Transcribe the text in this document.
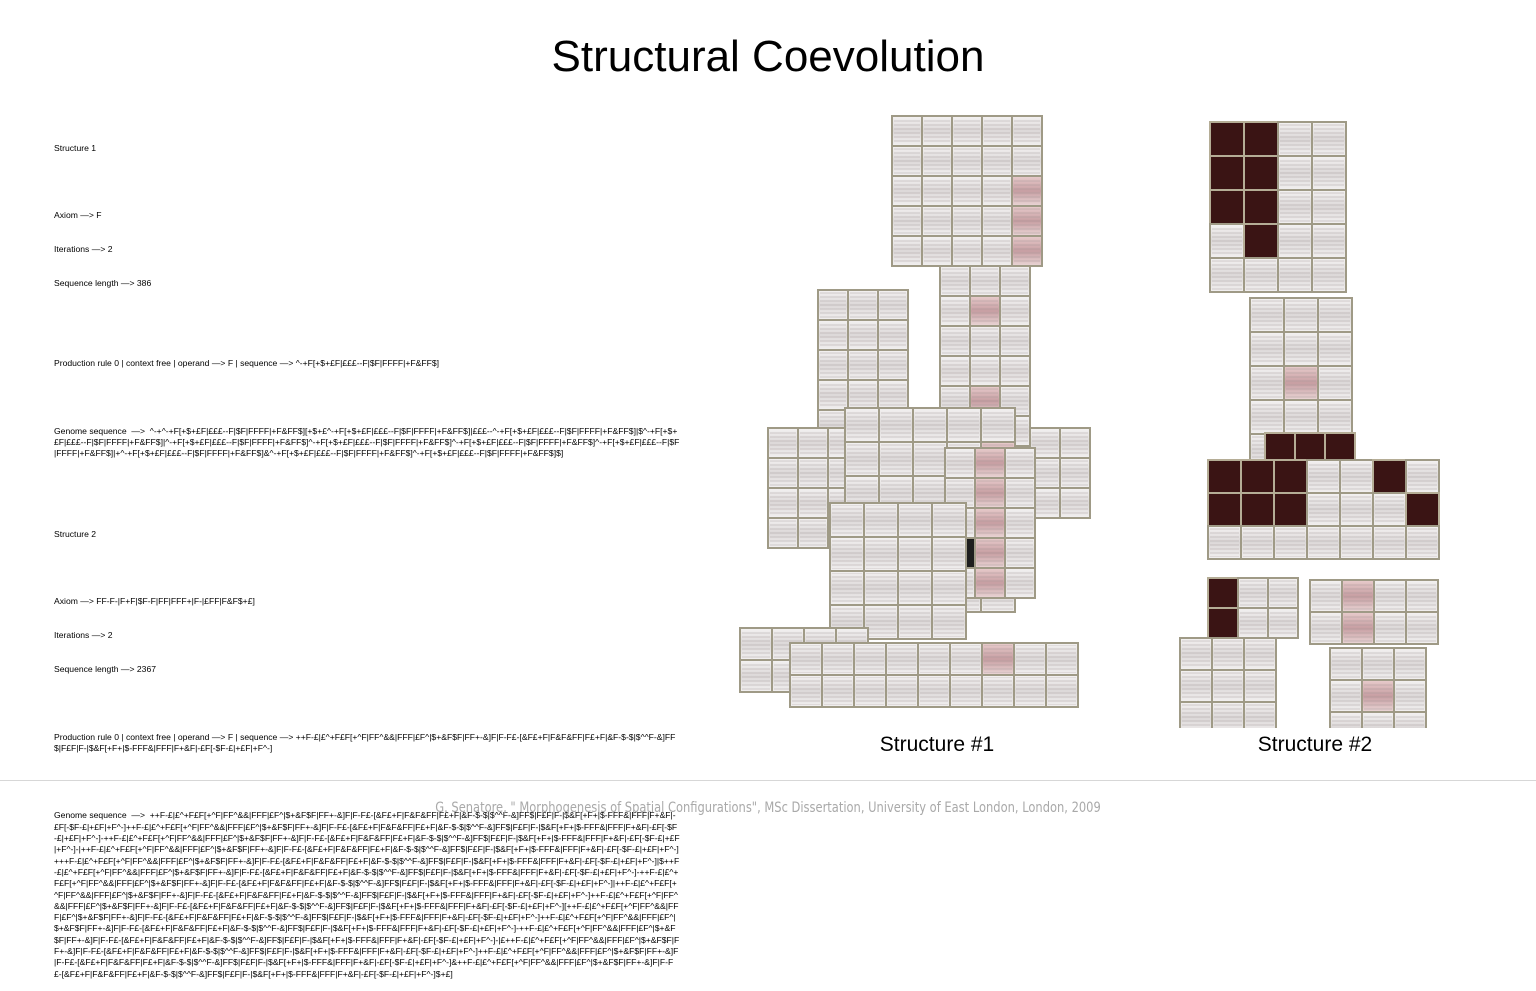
Structural Coevolution

Structure 1

Axiom —> F

Iterations —> 2

Sequence length —> 386

Production rule 0 | context free | operand —> F | sequence —> ^-+F[+$+£F|£££--F|$F|FFFF|+F&FF$]

Genome sequence  —>  ^-+^-+F[+$+£F|£££--F|$F|FFFF|+F&FF$][+$+£^-+F[+$+£F|£££--F|$F|FFFF|+F&FF$]|£££--^-+F[+$+£F|£££--F|$F|FFFF|+F&FF$]|$^-+F[+$+£F|£££--F|$F|FFFF|+F&FF$]|^-+F[+$+£F|£££--F|$F|FFFF|+F&FF$]^-+F[+$+£F|£££--F|$F|FFFF|+F&FF$]^-+F[+$+£F|£££--F|$F|FFFF|+F&FF$]^-+F[+$+£F|£££--F|$F|FFFF|+F&FF$]|+^-+F[+$+£F|£££--F|$F|FFFF|+F&FF$]&^-+F[+$+£F|£££--F|$F|FFFF|+F&FF$]^-+F[+$+£F|£££--F|$F|FFFF|+F&FF$]$]

Structure 2

Axiom —> FF-F-|F+F|$F-F|FF|FFF+|F-|£FF|F&F$+£]

Iterations —> 2

Sequence length —> 2367

Production rule 0 | context free | operand —> F | sequence —> ++F-£|£^+F£F[+^F|FF^&&|FFF|£F^|$+&F$F|FF+-&]F|F-F£-[&F£+F|F&F&FF|F£+F|&F-$-$|$^^F-&]FF$|F£F|F-|$&F[+F+|$-FFF&|FFF|F+&F|-£F[-$F-£|+£F|+F^-]

Genome sequence  —>  ++F-£|£^+F£F[+^F|FF^&&|FFF|£F^|$+&F$F|FF+-&]F|F-F£-[&F£+F|F&F&FF|F£+F|&F-$-$|$^^F-&]FF$|F£F|F-|$&F[+F+|$-FFF&|FFF|F+&F|-£F[-$F-£|+£F|+F^-]++F-£|£^+F£F[+^F|FF^&&|FFF|£F^|$+&F$F|FF+-&]F|F-F£-[&F£+F|F&F&FF|F£+F|&F-$-$|$^^F-&]FF$|F£F|F-|$&F[+F+|$-FFF&|FFF|F+&F|-£F[-$F-£|+£F|+F^-]-++F-£|£^+F£F[+^F|FF^&&|FFF|£F^|$+&F$F|FF+-&]F|F-F£-[&F£+F|F&F&FF|F£+F|&F-$-$|$^^F-&]FF$|F£F|F-|$&F[+F+|$-FFF&|FFF|F+&F|-£F[-$F-£|+£F|+F^-]-|++F-£|£^+F£F[+^F|FF^&&|FFF|£F^|$+&F$F|FF+-&]F|F-F£-[&F£+F|F&F&FF|F£+F|&F-$-$|$^^F-&]FF$|F£F|F-|$&F[+F+|$-FFF&|FFF|F+&F|-£F[-$F-£|+£F|+F^-]+++F-£|£^+F£F[+^F|FF^&&|FFF|£F^|$+&F$F|FF+-&]F|F-F£-[&F£+F|F&F&FF|F£+F|&F-$-$|$^^F-&]FF$|F£F|F-|$&F[+F+|$-FFF&|FFF|F+&F|-£F[-$F-£|+£F|+F^-]|$++F-£|£^+F£F[+^F|FF^&&|FFF|£F^|$+&F$F|FF+-&]F|F-F£-[&F£+F|F&F&FF|F£+F|&F-$-$|$^^F-&]FF$|F£F|F-|$&F[+F+|$-FFF&|FFF|F+&F|-£F[-$F-£|+£F|+F^-]-++F-£|£^+F£F[+^F|FF^&&|FFF|£F^|$+&F$F|FF+-&]F|F-F£-[&F£+F|F&F&FF|F£+F|&F-$-$|$^^F-&]FF$|F£F|F-|$&F[+F+|$-FFF&|FFF|F+&F|-£F[-$F-£|+£F|+F^-]|++F-£|£^+F£F[+^F|FF^&&|FFF|£F^|$+&F$F|FF+-&]F|F-F£-[&F£+F|F&F&FF|F£+F|&F-$-$|$^^F-&]FF$|F£F|F-|$&F[+F+|$-FFF&|FFF|F+&F|-£F[-$F-£|+£F|+F^-]++F-£|£^+F£F[+^F|FF^&&|FFF|£F^|$+&F$F|FF+-&]F|F-F£-[&F£+F|F&F&FF|F£+F|&F-$-$|$^^F-&]FF$|F£F|F-|$&F[+F+|$-FFF&|FFF|F+&F|-£F[-$F-£|+£F|+F^-][++F-£|£^+F£F[+^F|FF^&&|FFF|£F^|$+&F$F|FF+-&]F|F-F£-[&F£+F|F&F&FF|F£+F|&F-$-$|$^^F-&]FF$|F£F|F-|$&F[+F+|$-FFF&|FFF|F+&F|-£F[-$F-£|+£F|+F^-]++F-£|£^+F£F[+^F|FF^&&|FFF|£F^|$+&F$F|FF+-&]F|F-F£-[&F£+F|F&F&FF|F£+F|&F-$-$|$^^F-&]FF$|F£F|F-|$&F[+F+|$-FFF&|FFF|F+&F|-£F[-$F-£|+£F|+F^-]-++F-£|£^+F£F[+^F|FF^&&|FFF|£F^|$+&F$F|FF+-&]F|F-F£-[&F£+F|F&F&FF|F£+F|&F-$-$|$^^F-&]FF$|F£F|F-|$&F[+F+|$-FFF&|FFF|F+&F|-£F[-$F-£|+£F|+F^-]-|£++F-£|£^+F£F[+^F|FF^&&|FFF|£F^|$+&F$F|FF+-&]F|F-F£-[&F£+F|F&F&FF|F£+F|&F-$-$|$^^F-&]FF$|F£F|F-|$&F[+F+|$-FFF&|FFF|F+&F|-£F[-$F-£|+£F|+F^-]++F-£|£^+F£F[+^F|FF^&&|FFF|£F^|$+&F$F|FF+-&]F|F-F£-[&F£+F|F&F&FF|F£+F|&F-$-$|$^^F-&]FF$|F£F|F-|$&F[+F+|$-FFF&|FFF|F+&F|-£F[-$F-£|+£F|+F^-]&++F-£|£^+F£F[+^F|FF^&&|FFF|£F^|$+&F$F|FF+-&]F|F-F£-[&F£+F|F&F&FF|F£+F|&F-$-$|$^^F-&]FF$|F£F|F-|$&F[+F+|$-FFF&|FFF|F+&F|-£F[-$F-£|+£F|+F^-]$+£]

Structure #1	Structure #2
G. Senatore, " Morphogenesis of Spatial Configurations", MSc Dissertation, University of East London, London, 2009
